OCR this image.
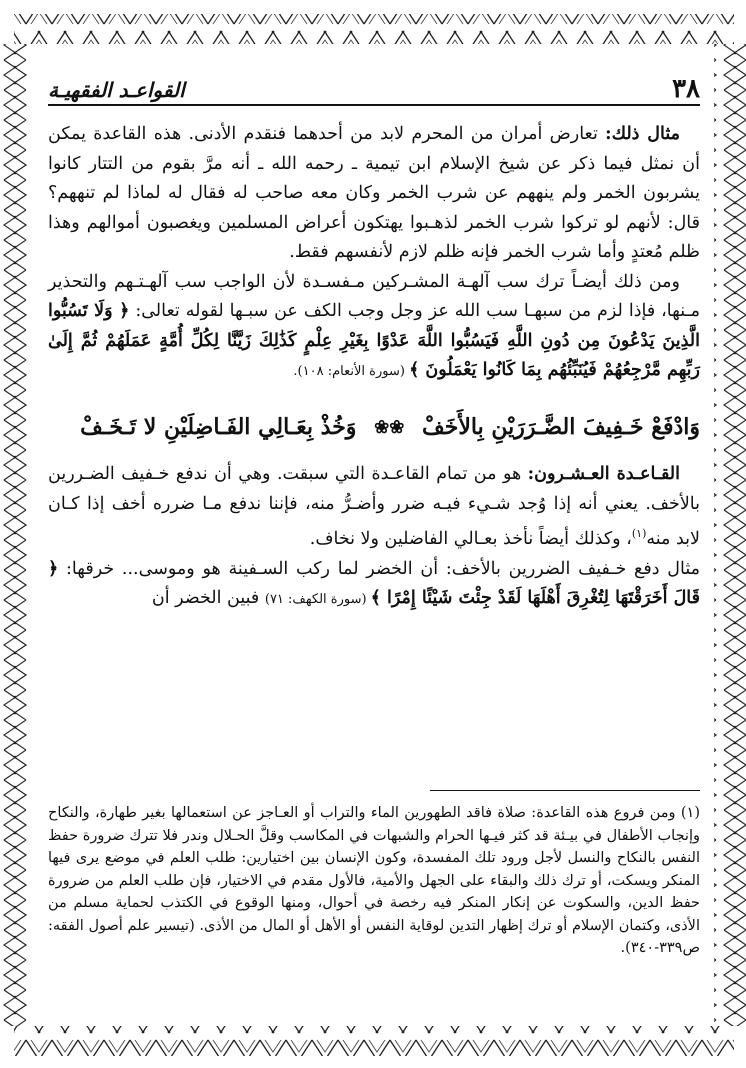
٣٨
القواعـد الفقهيـة

مثال ذلك: تعارض أمران من المحرم لابد من أحدهما فنقدم الأدنى. هذه القاعدة يمكن أن نمثل فيما ذكر عن شيخ الإسلام ابن تيمية ـ رحمه الله ـ أنه مرَّ بقوم من التتار كانوا يشربون الخمر ولم ينههم عن شرب الخمر وكان معه صاحب له فقال له لماذا لم تنههم؟ قال: لأنهم لو تركوا شرب الخمر لذهـبوا يهتكون أعراض المسلمين ويغصبون أموالهم وهذا ظلم مُعتدٍ وأما شرب الخمر فإنه ظلم لازم لأنفسهم فقط.

ومن ذلك أيضـاً ترك سب آلهـة المشـركين مـفسـدة لأن الواجب سب آلهـتـهم والتحذير مـنها، فإذا لزم من سبهـا سب الله عز وجل وجب الكف عن سبـها لقوله تعالى: ﴿ وَلَا تَسُبُّوا الَّذِينَ يَدْعُونَ مِن دُونِ اللَّهِ فَيَسُبُّوا اللَّهَ عَدْوًا بِغَيْرِ عِلْمٍ كَذَٰلِكَ زَيَّنَّا لِكُلِّ أُمَّةٍ عَمَلَهُمْ ثُمَّ إِلَىٰ رَبِّهِم مَّرْجِعُهُمْ فَيُنَبِّئُهُم بِمَا كَانُوا يَعْمَلُونَ ﴾ (سورة الأنعام: ١٠٨).

وَادْفَعْ خَـفِيفَ الضَّـرَرَيْنِ بِالأَخَفْ ❀❀ وَخُذْ بِعَـالِي الفَـاضِلَيْنِ لا تَـخَـفْ

القـاعـدة العـشـرون: هو من تمام القاعـدة التي سبقت. وهي أن ندفع خـفيف الضـررين بالأخف. يعني أنه إذا وُجد شـيء فيـه ضرر وأضـرُّ منه، فإننا ندفع مـا ضرره أخف إذا كـان لابد منه$^{(١)}$، وكذلك أيضاً نأخذ بعـالي الفاضلين ولا نخاف.

مثال دفع خـفيف الضررين بالأخف: أن الخضر لما ركب السـفينة هو وموسى... خرقها: ﴿ قَالَ أَخَرَقْتَهَا لِتُغْرِقَ أَهْلَهَا لَقَدْ جِئْتَ شَيْئًا إِمْرًا ﴾ (سورة الكهف: ٧١) فبين الخضر أن

(١) ومن فروع هذه القاعدة: صلاة فاقد الطهورين الماء والتراب أو العـاجز عن استعمالها بغير طهارة، والنكاح وإنجاب الأطفال في بيـئة قد كثر فيـها الحرام والشبهات في المكاسب وقلَّ الحـلال وندر فلا تترك ضرورة حفظ النفس بالنكاح والنسل لأجل ورود تلك المفسدة، وكون الإنسان بين اختيارين: طلب العلم في موضع يرى فيها المنكر ويسكت، أو ترك ذلك والبقاء على الجهل والأمية، فالأول مقدم في الاختيار، فإن طلب العلم من ضرورة حفظ الدين، والسكوت عن إنكار المنكر فيه رخصة في أحوال، ومنها الوقوع في الكتذب لحماية مسلم من الأذى، وكتمان الإسلام أو ترك إظهار التدين لوقاية النفس أو الأهل أو المال من الأذى. (تيسير علم أصول الفقه: ص٣٣٩-٣٤٠).
